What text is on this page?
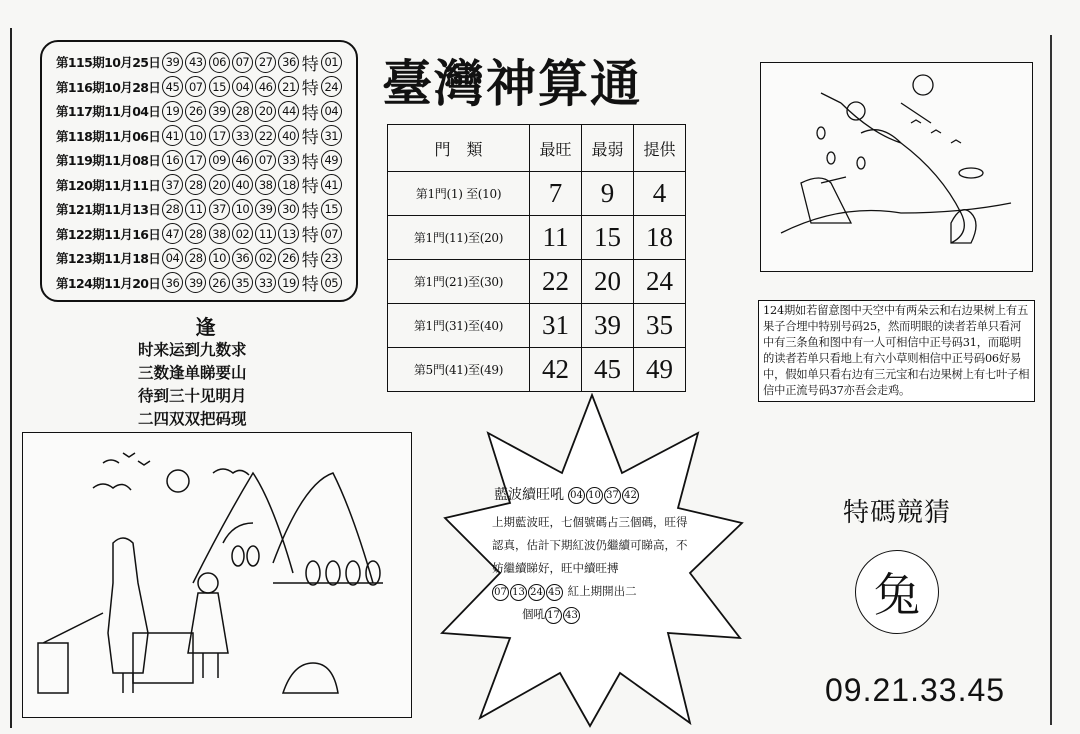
第115期10月25日 39 43 06 07 27 36 特 01
第116期10月28日 45 07 15 04 46 21 特 24
第117期11月04日 19 26 39 28 20 44 特 04
第118期11月06日 41 10 17 33 22 40 特 31
第119期11月08日 16 17 09 46 07 33 特 49
第120期11月11日 37 28 20 40 38 18 特 41
第121期11月13日 28 11 37 10 39 30 特 15
第122期11月16日 47 28 38 02 11 13 特 07
第123期11月18日 04 28 10 36 02 26 特 23
第124期11月20日 36 39 26 35 33 19 特 05
臺灣神算通
門　類	最旺	最弱	提供
第1門(1) 至(10)	7	9	4
第1門(11)至(20)	11	15	18
第1門(21)至(30)	22	20	24
第1門(31)至(40)	31	39	35
第5門(41)至(49)	42	45	49
逢
时来运到九数求
三数逢单睇要山
待到三十见明月
二四双双把码现
124期如若留意图中天空中有两朵云和右边果树上有五果子合埋中特别号码25，然而明眼的读者若单只看河中有三条鱼和图中有一人可相信中正号码31，而聪明的读者若单只看地上有六小草则相信中正号码06好易中，假如单只看右边有三元宝和右边果树上有七叶子相信中正流号码37亦吾会走鸡。
藍波續旺吼 04 10 37 42
上期藍波旺，七個號碼占三個碼，旺得認真，估計下期紅波仍繼續可睇高，不妨繼續睇好，旺中續旺搏
07 13 24 45 紅上期開出二
個吼 17 43
特碼競猜
兔
09.21.33.45
